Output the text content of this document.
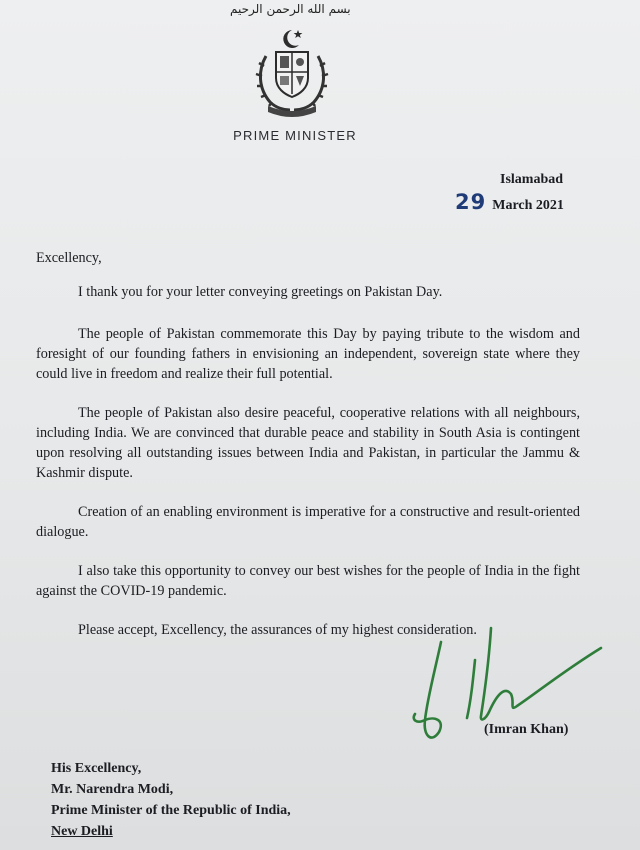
بسم الله الرحمن الرحيم
PRIME MINISTER
Islamabad
29 March 2021

Excellency,

I thank you for your letter conveying greetings on Pakistan Day.

The people of Pakistan commemorate this Day by paying tribute to the wisdom and foresight of our founding fathers in envisioning an independent, sovereign state where they could live in freedom and realize their full potential.

The people of Pakistan also desire peaceful, cooperative relations with all neighbours, including India. We are convinced that durable peace and stability in South Asia is contingent upon resolving all outstanding issues between India and Pakistan, in particular the Jammu & Kashmir dispute.

Creation of an enabling environment is imperative for a constructive and result-oriented dialogue.

I also take this opportunity to convey our best wishes for the people of India in the fight against the COVID-19 pandemic.

Please accept, Excellency, the assurances of my highest consideration.

(Imran Khan)
His Excellency,
Mr. Narendra Modi,
Prime Minister of the Republic of India,
New Delhi
